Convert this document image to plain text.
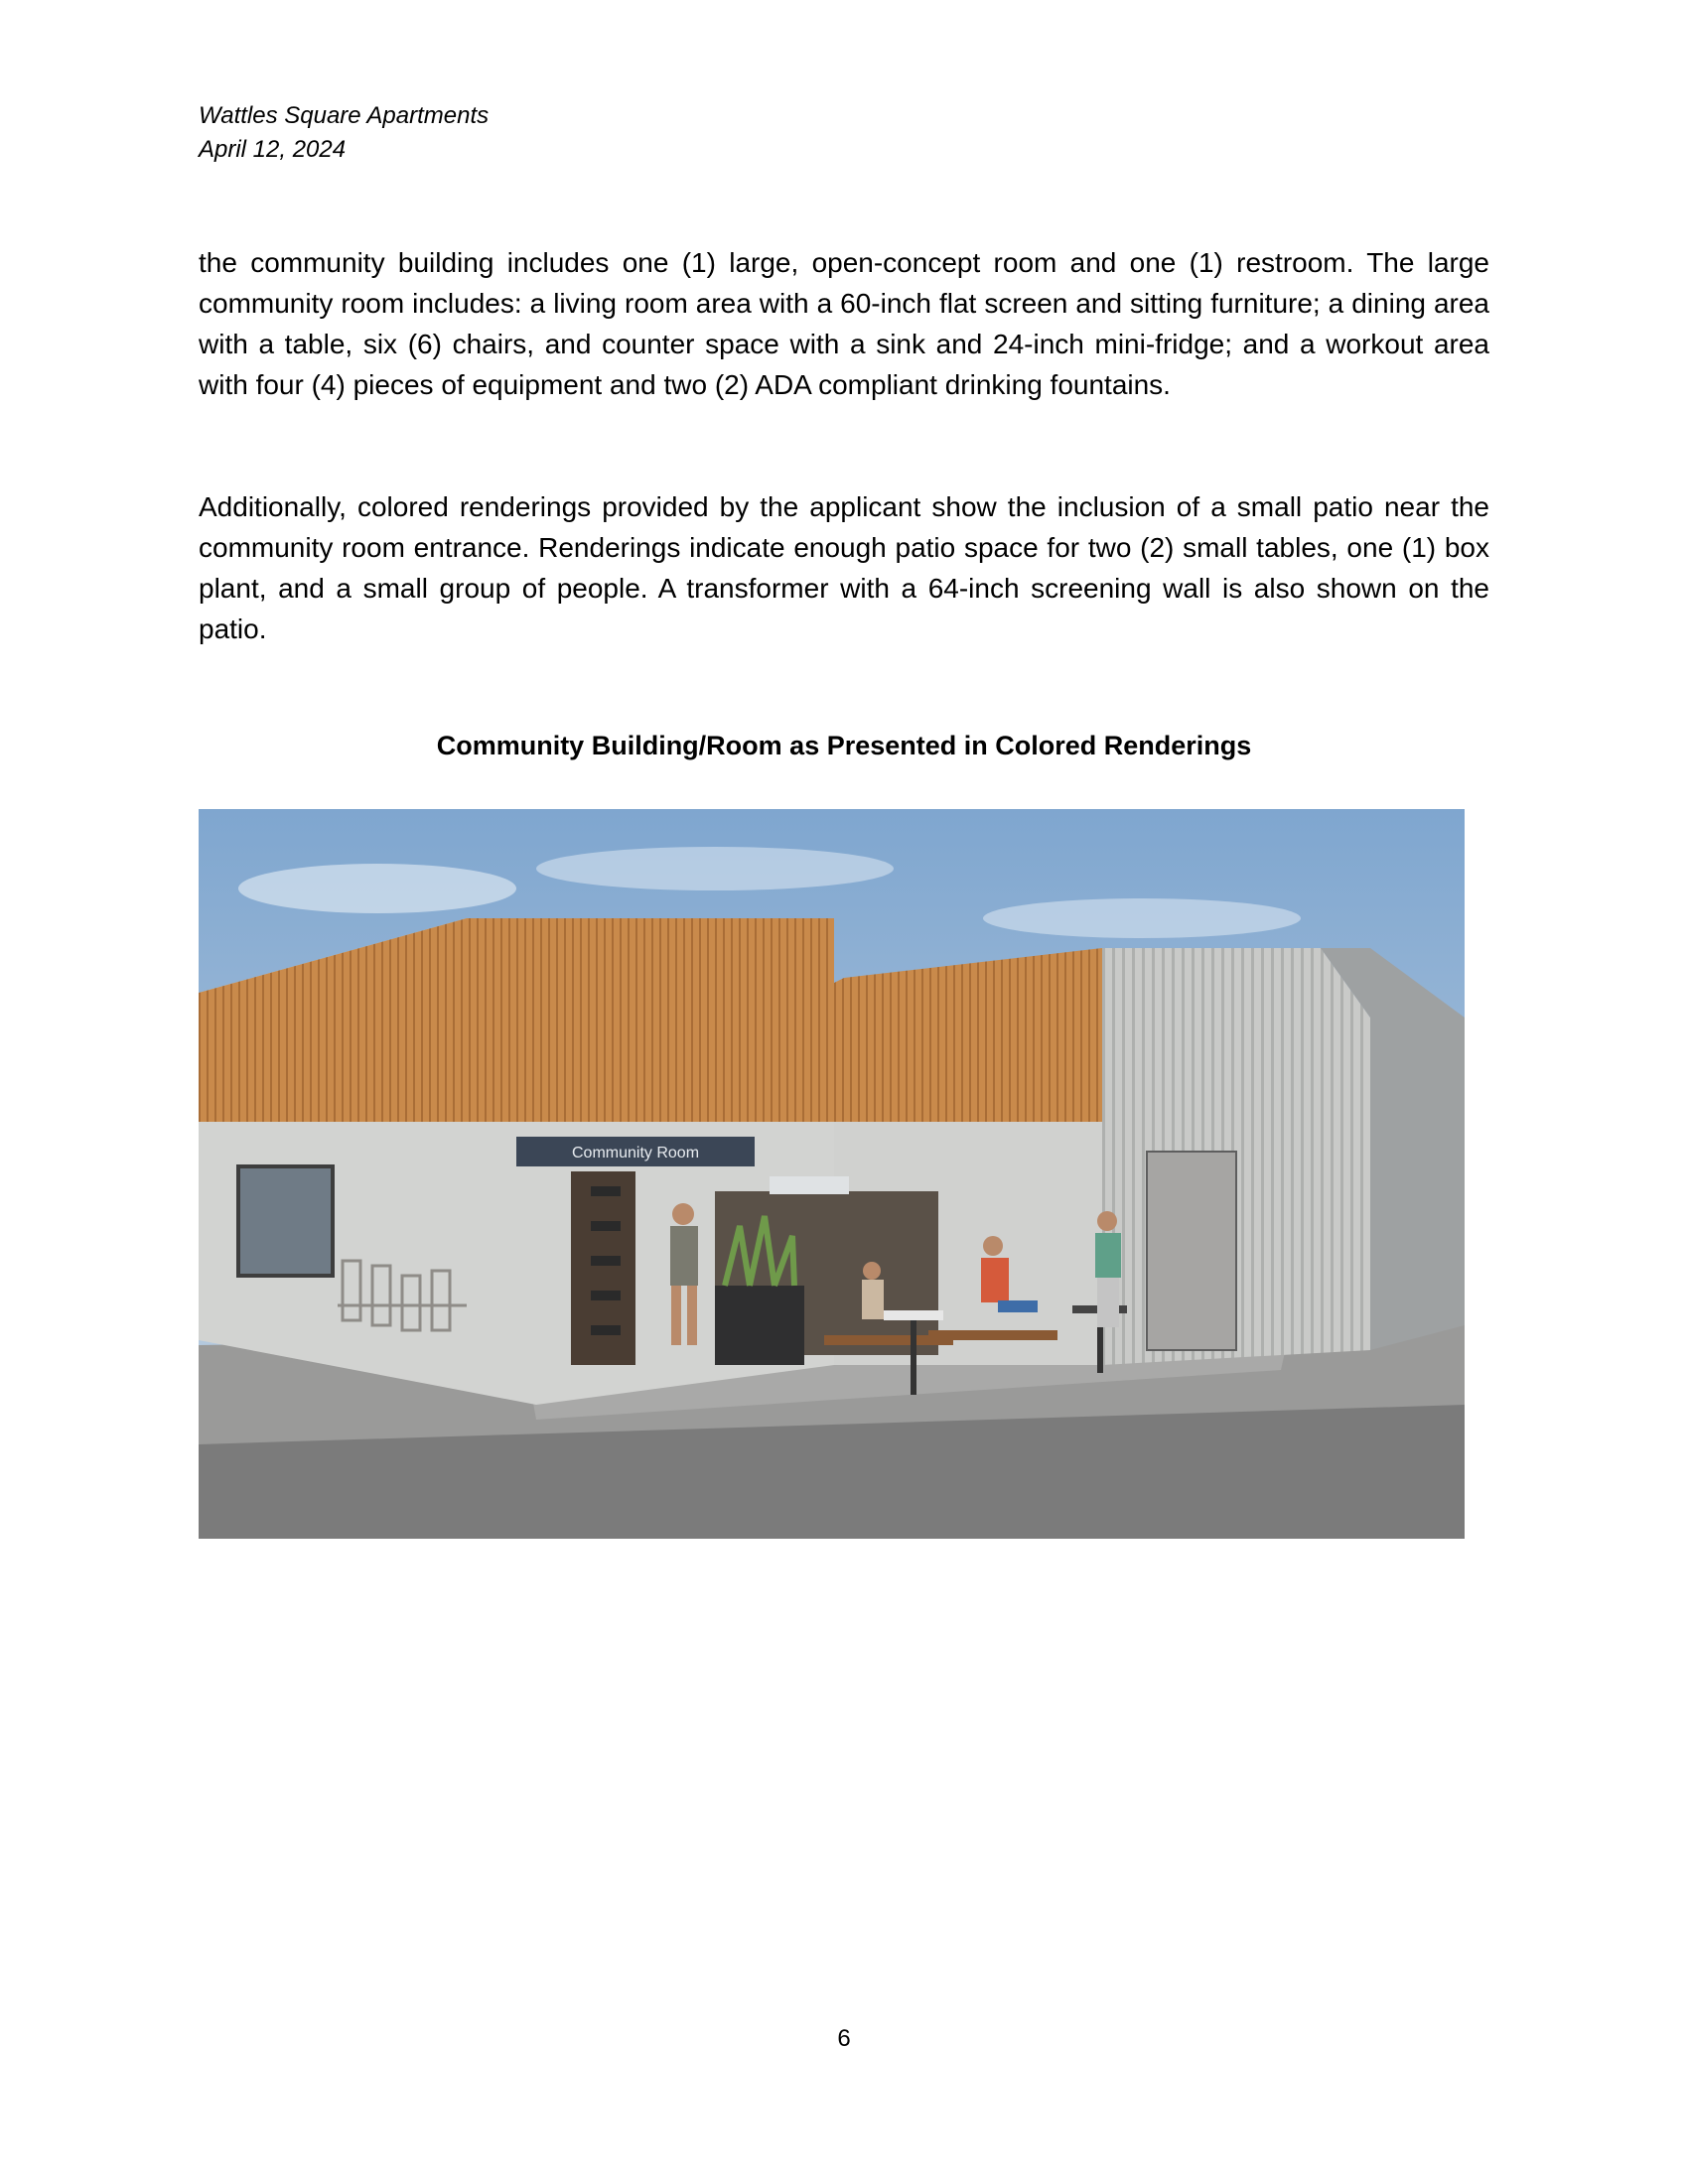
Wattles Square Apartments
April 12, 2024

the community building includes one (1) large, open-concept room and one (1) restroom. The large community room includes: a living room area with a 60-inch flat screen and sitting furniture; a dining area with a table, six (6) chairs, and counter space with a sink and 24-inch mini-fridge; and a workout area with four (4) pieces of equipment and two (2) ADA compliant drinking fountains.

Additionally, colored renderings provided by the applicant show the inclusion of a small patio near the community room entrance. Renderings indicate enough patio space for two (2) small tables, one (1) box plant, and a small group of people. A transformer with a 64-inch screening wall is also shown on the patio.

Community Building/Room as Presented in Colored Renderings
Community Room
6
